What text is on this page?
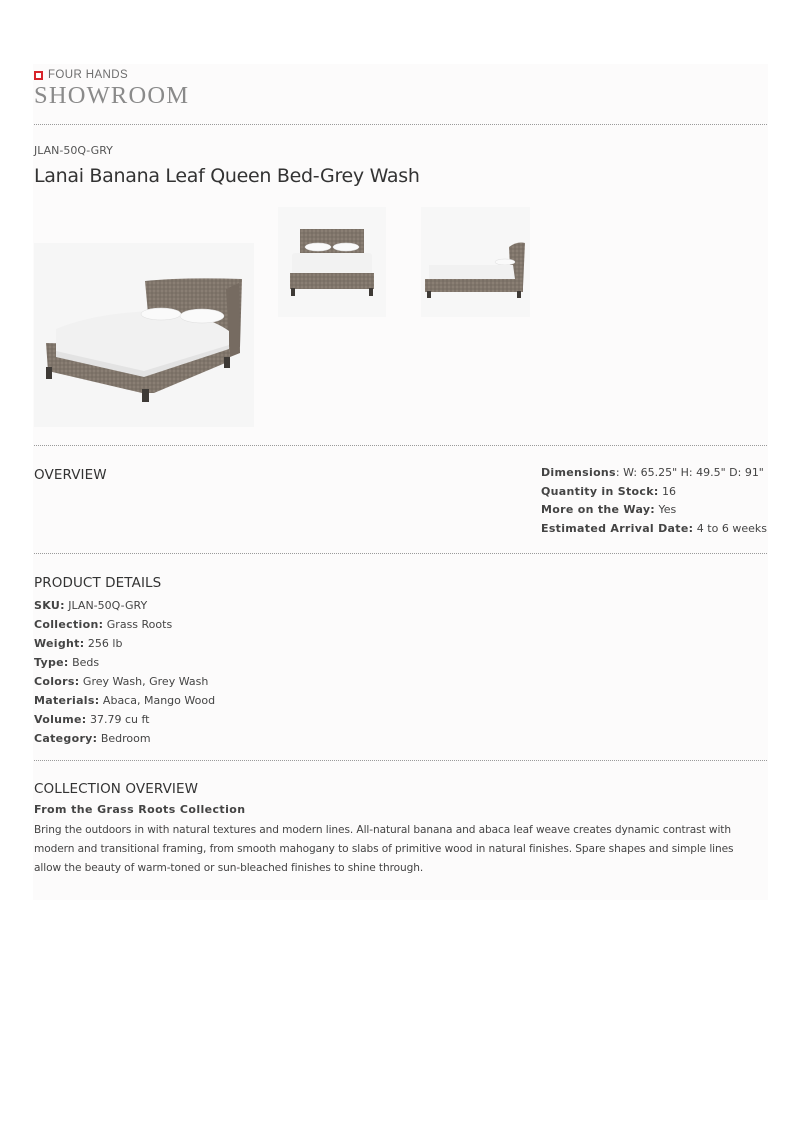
FOUR HANDS
SHOWROOM
JLAN-50Q-GRY
Lanai Banana Leaf Queen Bed-Grey Wash
OVERVIEW	Dimensions: W: 65.25" H: 49.5" D: 91"
Quantity in Stock: 16
More on the Way: Yes
Estimated Arrival Date: 4 to 6 weeks
PRODUCT DETAILS
SKU: JLAN-50Q-GRY
Collection: Grass Roots
Weight: 256 lb
Type: Beds
Colors: Grey Wash, Grey Wash
Materials: Abaca, Mango Wood
Volume: 37.79 cu ft
Category: Bedroom
COLLECTION OVERVIEW
From the Grass Roots Collection
Bring the outdoors in with natural textures and modern lines. All-natural banana and abaca leaf weave creates dynamic contrast with modern and transitional framing, from smooth mahogany to slabs of primitive wood in natural finishes. Spare shapes and simple lines allow the beauty of warm-toned or sun-bleached finishes to shine through.
